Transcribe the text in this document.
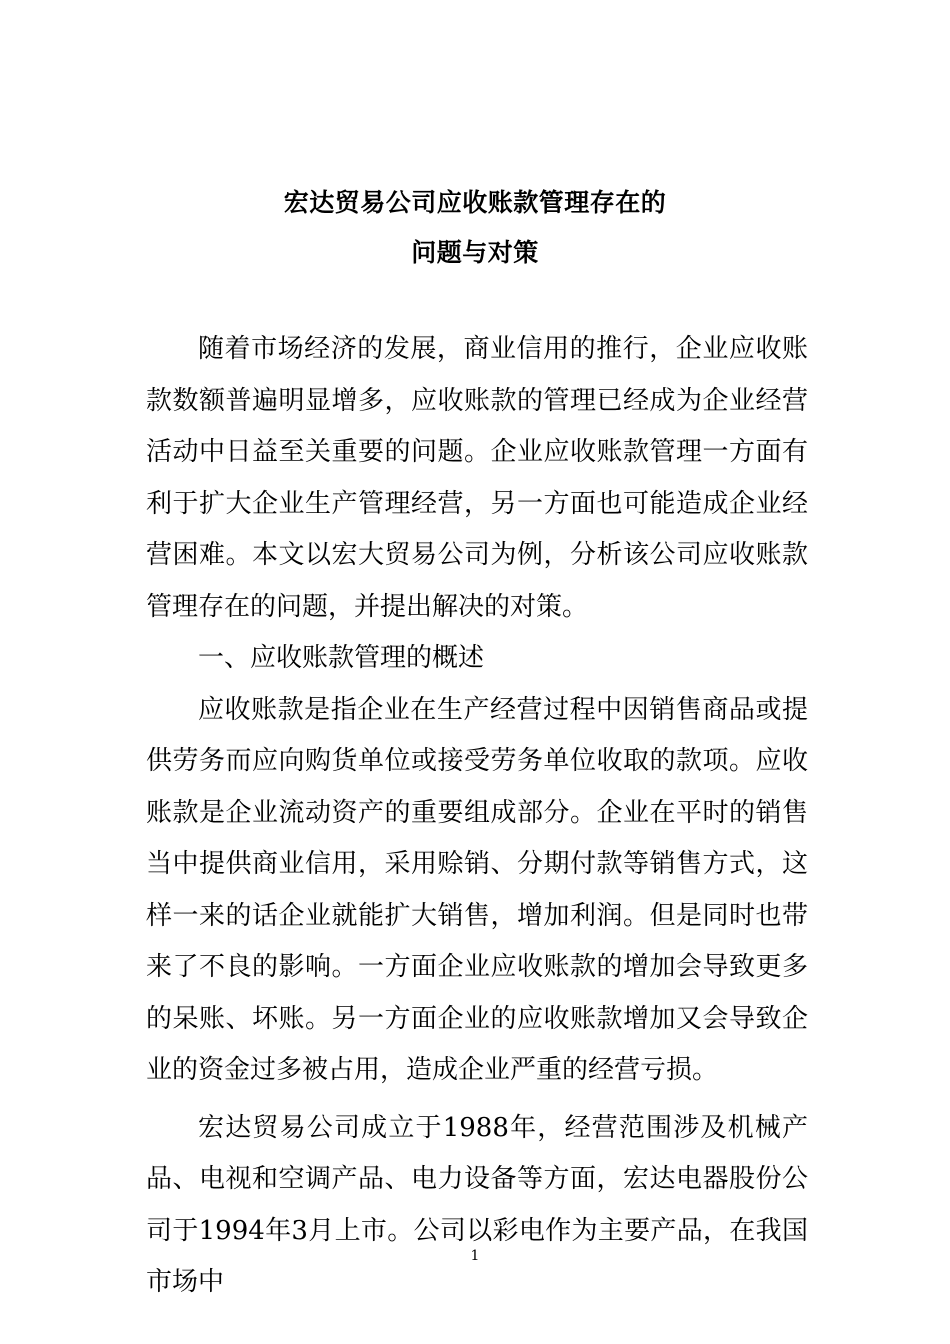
宏达贸易公司应收账款管理存在的
问题与对策

随着市场经济的发展，商业信用的推行，企业应收账款数额普遍明显增多，应收账款的管理已经成为企业经营活动中日益至关重要的问题。企业应收账款管理一方面有利于扩大企业生产管理经营，另一方面也可能造成企业经营困难。本文以宏大贸易公司为例，分析该公司应收账款管理存在的问题，并提出解决的对策。

一、应收账款管理的概述

应收账款是指企业在生产经营过程中因销售商品或提供劳务而应向购货单位或接受劳务单位收取的款项。应收账款是企业流动资产的重要组成部分。企业在平时的销售当中提供商业信用，采用赊销、分期付款等销售方式，这样一来的话企业就能扩大销售，增加利润。但是同时也带来了不良的影响。一方面企业应收账款的增加会导致更多的呆账、坏账。另一方面企业的应收账款增加又会导致企业的资金过多被占用，造成企业严重的经营亏损。

宏达贸易公司成立于1988年，经营范围涉及机械产品、电视和空调产品、电力设备等方面，宏达电器股份公司于1994年3月上市。公司以彩电作为主要产品，在我国市场中

1
